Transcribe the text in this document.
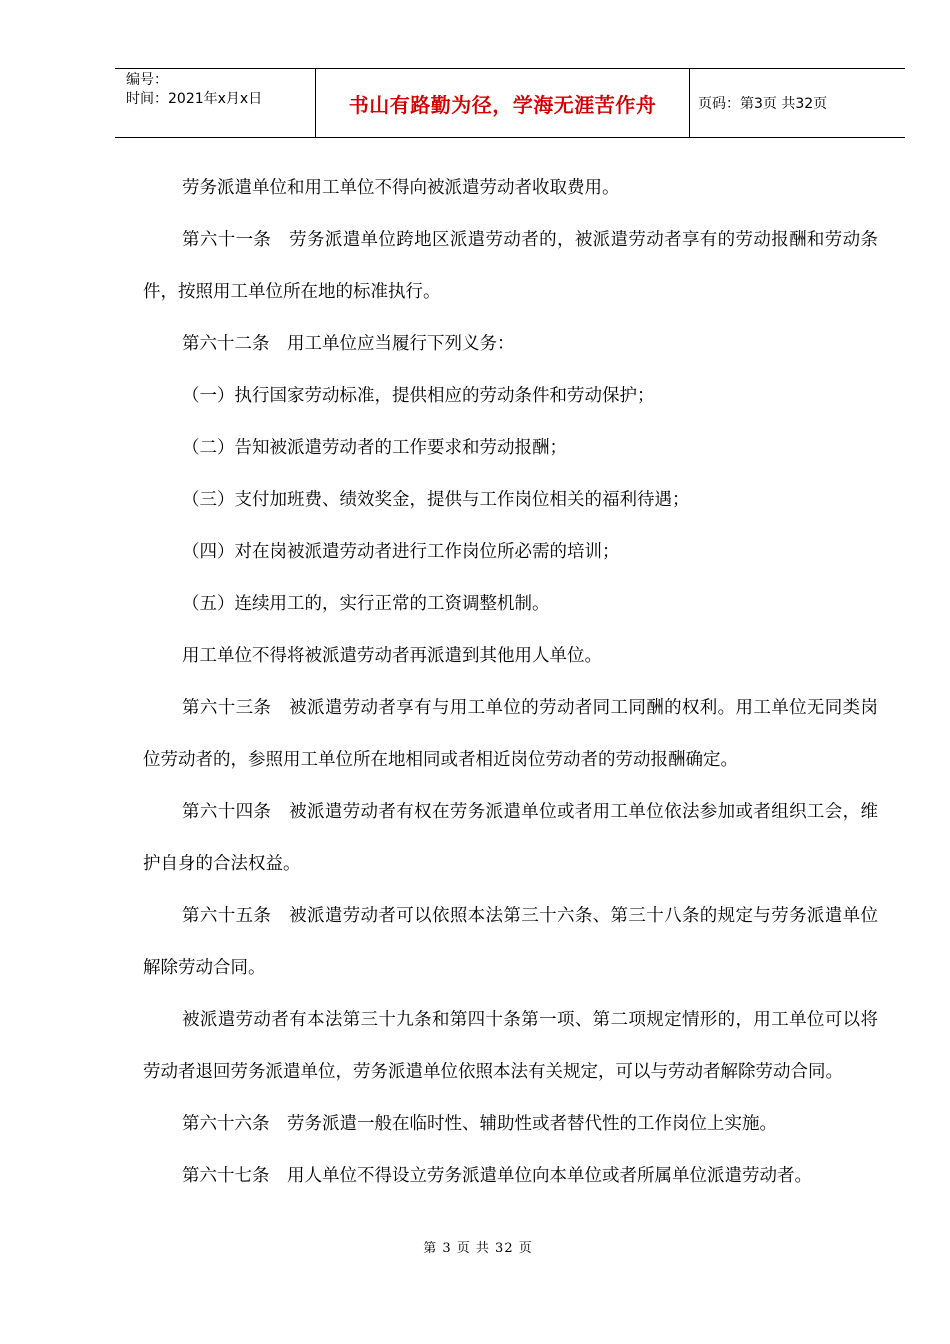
编号：
时间：2021年x月x日	书山有路勤为径，学海无涯苦作舟	页码：第3页 共32页

劳务派遣单位和用工单位不得向被派遣劳动者收取费用。

第六十一条　劳务派遣单位跨地区派遣劳动者的，被派遣劳动者享有的劳动报酬和劳动条件，按照用工单位所在地的标准执行。

第六十二条　用工单位应当履行下列义务：

（一）执行国家劳动标准，提供相应的劳动条件和劳动保护；

（二）告知被派遣劳动者的工作要求和劳动报酬；

（三）支付加班费、绩效奖金，提供与工作岗位相关的福利待遇；

（四）对在岗被派遣劳动者进行工作岗位所必需的培训；

（五）连续用工的，实行正常的工资调整机制。

用工单位不得将被派遣劳动者再派遣到其他用人单位。

第六十三条　被派遣劳动者享有与用工单位的劳动者同工同酬的权利。用工单位无同类岗位劳动者的，参照用工单位所在地相同或者相近岗位劳动者的劳动报酬确定。

第六十四条　被派遣劳动者有权在劳务派遣单位或者用工单位依法参加或者组织工会，维护自身的合法权益。

第六十五条　被派遣劳动者可以依照本法第三十六条、第三十八条的规定与劳务派遣单位解除劳动合同。

被派遣劳动者有本法第三十九条和第四十条第一项、第二项规定情形的，用工单位可以将劳动者退回劳务派遣单位，劳务派遣单位依照本法有关规定，可以与劳动者解除劳动合同。

第六十六条　劳务派遣一般在临时性、辅助性或者替代性的工作岗位上实施。

第六十七条　用人单位不得设立劳务派遣单位向本单位或者所属单位派遣劳动者。

第 3 页 共 32 页
